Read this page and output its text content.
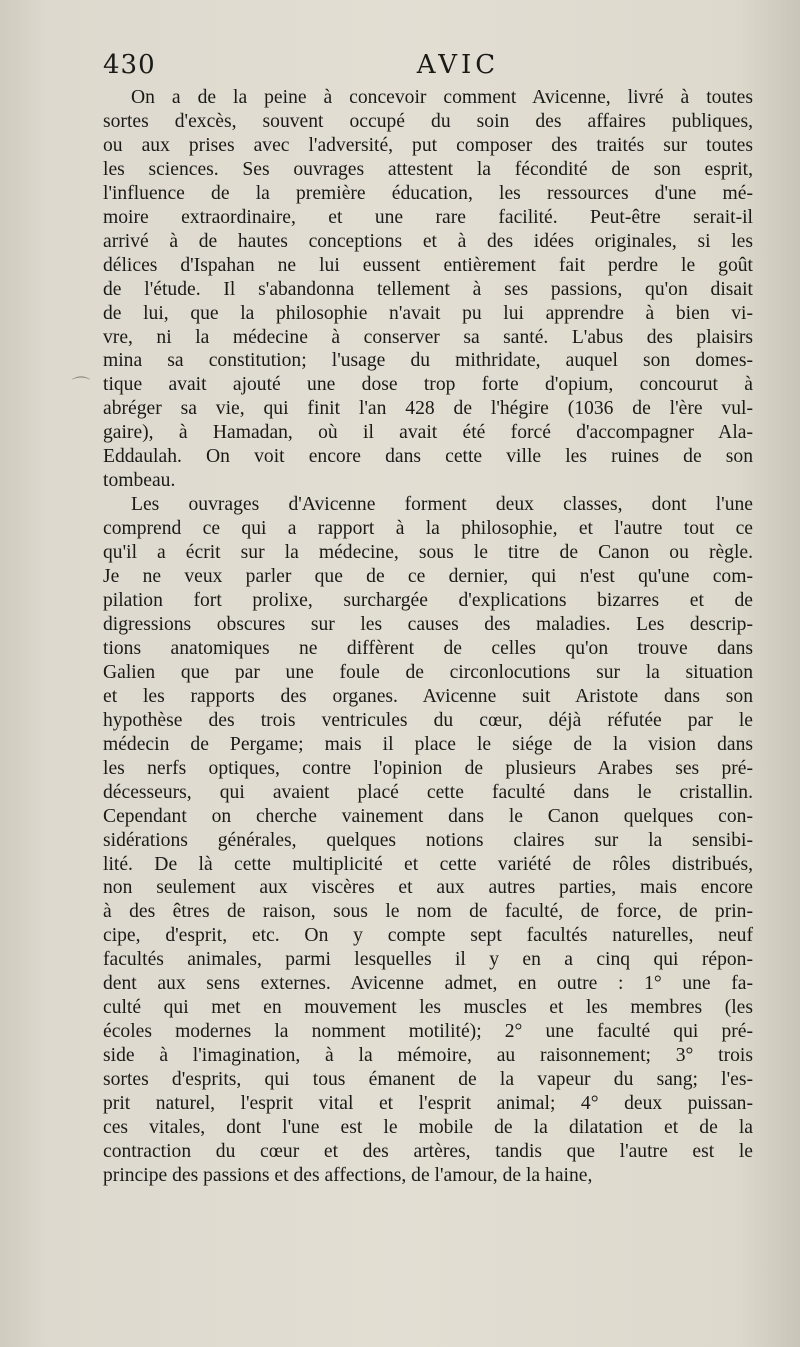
430	AVIC

On a de la peine à concevoir comment Avicenne, livré à toutes
sortes d'excès, souvent occupé du soin des affaires publiques,
ou aux prises avec l'adversité, put composer des traités sur toutes
les sciences. Ses ouvrages attestent la fécondité de son esprit,
l'influence de la première éducation, les ressources d'une mé-
moire extraordinaire, et une rare facilité. Peut-être serait-il
arrivé à de hautes conceptions et à des idées originales, si les
délices d'Ispahan ne lui eussent entièrement fait perdre le goût
de l'étude. Il s'abandonna tellement à ses passions, qu'on disait
de lui, que la philosophie n'avait pu lui apprendre à bien vi-
vre, ni la médecine à conserver sa santé. L'abus des plaisirs
mina sa constitution; l'usage du mithridate, auquel son domes-
tique avait ajouté une dose trop forte d'opium, concourut à
abréger sa vie, qui finit l'an 428 de l'hégire (1036 de l'ère vul-
gaire), à Hamadan, où il avait été forcé d'accompagner Ala-
Eddaulah. On voit encore dans cette ville les ruines de son
tombeau.

Les ouvrages d'Avicenne forment deux classes, dont l'une
comprend ce qui a rapport à la philosophie, et l'autre tout ce
qu'il a écrit sur la médecine, sous le titre de Canon ou règle.
Je ne veux parler que de ce dernier, qui n'est qu'une com-
pilation fort prolixe, surchargée d'explications bizarres et de
digressions obscures sur les causes des maladies. Les descrip-
tions anatomiques ne diffèrent de celles qu'on trouve dans
Galien que par une foule de circonlocutions sur la situation
et les rapports des organes. Avicenne suit Aristote dans son
hypothèse des trois ventricules du cœur, déjà réfutée par le
médecin de Pergame; mais il place le siége de la vision dans
les nerfs optiques, contre l'opinion de plusieurs Arabes ses pré-
décesseurs, qui avaient placé cette faculté dans le cristallin.
Cependant on cherche vainement dans le Canon quelques con-
sidérations générales, quelques notions claires sur la sensibi-
lité. De là cette multiplicité et cette variété de rôles distribués,
non seulement aux viscères et aux autres parties, mais encore
à des êtres de raison, sous le nom de faculté, de force, de prin-
cipe, d'esprit, etc. On y compte sept facultés naturelles, neuf
facultés animales, parmi lesquelles il y en a cinq qui répon-
dent aux sens externes. Avicenne admet, en outre : 1° une fa-
culté qui met en mouvement les muscles et les membres (les
écoles modernes la nomment motilité); 2° une faculté qui pré-
side à l'imagination, à la mémoire, au raisonnement; 3° trois
sortes d'esprits, qui tous émanent de la vapeur du sang; l'es-
prit naturel, l'esprit vital et l'esprit animal; 4° deux puissan-
ces vitales, dont l'une est le mobile de la dilatation et de la
contraction du cœur et des artères, tandis que l'autre est le
principe des passions et des affections, de l'amour, de la haine,

⌒
